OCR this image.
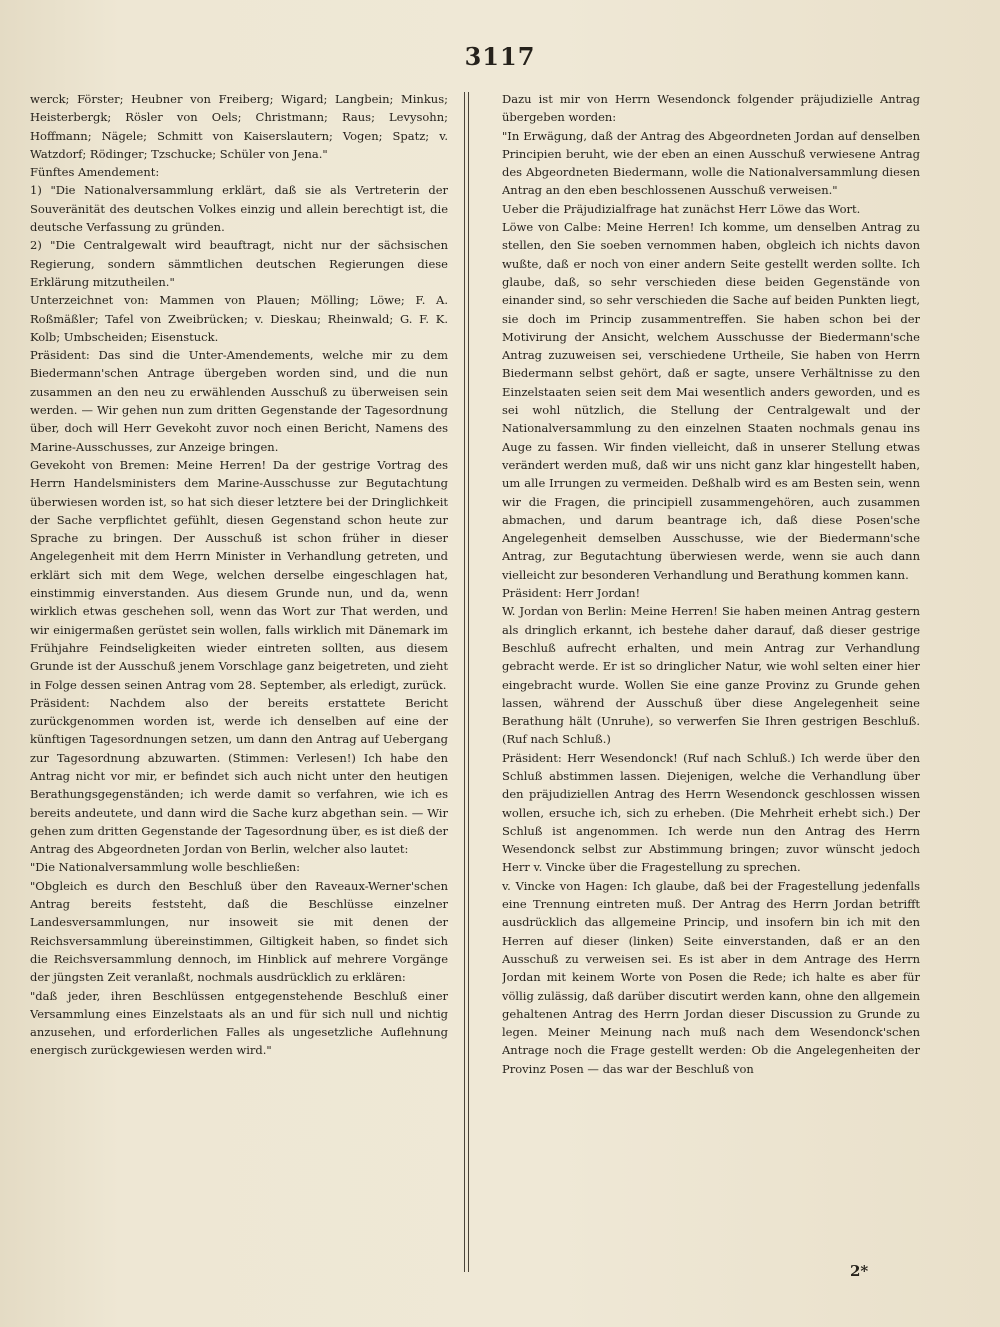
3117
werck; Förster; Heubner von Freiberg; Wigard; Langbein; Minkus; Heisterbergk; Rösler von Oels; Christmann; Raus; Levysohn; Hoffmann; Nägele; Schmitt von Kaiserslautern; Vogen; Spatz; v. Watzdorf; Rödinger; Tzschucke; Schüler von Jena."
Fünftes Amendement:
1) "Die Nationalversammlung erklärt, daß sie als Vertreterin der Souveränität des deutschen Volkes einzig und allein berechtigt ist, die deutsche Verfassung zu gründen.
2) "Die Centralgewalt wird beauftragt, nicht nur der sächsischen Regierung, sondern sämmtlichen deutschen Regierungen diese Erklärung mitzutheilen."
Unterzeichnet von: Mammen von Plauen; Mölling; Löwe; F. A. Roßmäßler; Tafel von Zweibrücken; v. Dieskau; Rheinwald; G. F. K. Kolb; Umbscheiden; Eisenstuck.
Präsident: Das sind die Unter-Amendements, welche mir zu dem Biedermann'schen Antrage übergeben worden sind, und die nun zusammen an den neu zu erwählenden Ausschuß zu überweisen sein werden. — Wir gehen nun zum dritten Gegenstande der Tagesordnung über, doch will Herr Gevekoht zuvor noch einen Bericht, Namens des Marine-Ausschusses, zur Anzeige bringen.
Gevekoht von Bremen: Meine Herren! Da der gestrige Vortrag des Herrn Handelsministers dem Marine-Ausschusse zur Begutachtung überwiesen worden ist, so hat sich dieser letztere bei der Dringlichkeit der Sache verpflichtet gefühlt, diesen Gegenstand schon heute zur Sprache zu bringen. Der Ausschuß ist schon früher in dieser Angelegenheit mit dem Herrn Minister in Verhandlung getreten, und erklärt sich mit dem Wege, welchen derselbe eingeschlagen hat, einstimmig einverstanden. Aus diesem Grunde nun, und da, wenn wirklich etwas geschehen soll, wenn das Wort zur That werden, und wir einigermaßen gerüstet sein wollen, falls wirklich mit Dänemark im Frühjahre Feindseligkeiten wieder eintreten sollten, aus diesem Grunde ist der Ausschuß jenem Vorschlage ganz beigetreten, und zieht in Folge dessen seinen Antrag vom 28. September, als erledigt, zurück.
Präsident: Nachdem also der bereits erstattete Bericht zurückgenommen worden ist, werde ich denselben auf eine der künftigen Tagesordnungen setzen, um dann den Antrag auf Uebergang zur Tagesordnung abzuwarten. (Stimmen: Verlesen!) Ich habe den Antrag nicht vor mir, er befindet sich auch nicht unter den heutigen Berathungsgegenständen; ich werde damit so verfahren, wie ich es bereits andeutete, und dann wird die Sache kurz abgethan sein. — Wir gehen zum dritten Gegenstande der Tagesordnung über, es ist dieß der Antrag des Abgeordneten Jordan von Berlin, welcher also lautet:
"Die Nationalversammlung wolle beschließen:
"Obgleich es durch den Beschluß über den Raveaux-Werner'schen Antrag bereits feststeht, daß die Beschlüsse einzelner Landesversammlungen, nur insoweit sie mit denen der Reichsversammlung übereinstimmen, Giltigkeit haben, so findet sich die Reichsversammlung dennoch, im Hinblick auf mehrere Vorgänge der jüngsten Zeit veranlaßt, nochmals ausdrücklich zu erklären:
"daß jeder, ihren Beschlüssen entgegenstehende Beschluß einer Versammlung eines Einzelstaats als an und für sich null und nichtig anzusehen, und erforderlichen Falles als ungesetzliche Auflehnung energisch zurückgewiesen werden wird."
Dazu ist mir von Herrn Wesendonck folgender präjudizielle Antrag übergeben worden:
"In Erwägung, daß der Antrag des Abgeordneten Jordan auf denselben Principien beruht, wie der eben an einen Ausschuß verwiesene Antrag des Abgeordneten Biedermann, wolle die Nationalversammlung diesen Antrag an den eben beschlossenen Ausschuß verweisen."
Ueber die Präjudizialfrage hat zunächst Herr Löwe das Wort.
Löwe von Calbe: Meine Herren! Ich komme, um denselben Antrag zu stellen, den Sie soeben vernommen haben, obgleich ich nichts davon wußte, daß er noch von einer andern Seite gestellt werden sollte. Ich glaube, daß, so sehr verschieden diese beiden Gegenstände von einander sind, so sehr verschieden die Sache auf beiden Punkten liegt, sie doch im Princip zusammentreffen. Sie haben schon bei der Motivirung der Ansicht, welchem Ausschusse der Biedermann'sche Antrag zuzuweisen sei, verschiedene Urtheile, Sie haben von Herrn Biedermann selbst gehört, daß er sagte, unsere Verhältnisse zu den Einzelstaaten seien seit dem Mai wesentlich anders geworden, und es sei wohl nützlich, die Stellung der Centralgewalt und der Nationalversammlung zu den einzelnen Staaten nochmals genau ins Auge zu fassen. Wir finden vielleicht, daß in unserer Stellung etwas verändert werden muß, daß wir uns nicht ganz klar hingestellt haben, um alle Irrungen zu vermeiden. Deßhalb wird es am Besten sein, wenn wir die Fragen, die principiell zusammengehören, auch zusammen abmachen, und darum beantrage ich, daß diese Posen'sche Angelegenheit demselben Ausschusse, wie der Biedermann'sche Antrag, zur Begutachtung überwiesen werde, wenn sie auch dann vielleicht zur besonderen Verhandlung und Berathung kommen kann.
Präsident: Herr Jordan!
W. Jordan von Berlin: Meine Herren! Sie haben meinen Antrag gestern als dringlich erkannt, ich bestehe daher darauf, daß dieser gestrige Beschluß aufrecht erhalten, und mein Antrag zur Verhandlung gebracht werde. Er ist so dringlicher Natur, wie wohl selten einer hier eingebracht wurde. Wollen Sie eine ganze Provinz zu Grunde gehen lassen, während der Ausschuß über diese Angelegenheit seine Berathung hält (Unruhe), so verwerfen Sie Ihren gestrigen Beschluß. (Ruf nach Schluß.)
Präsident: Herr Wesendonck! (Ruf nach Schluß.) Ich werde über den Schluß abstimmen lassen. Diejenigen, welche die Verhandlung über den präjudiziellen Antrag des Herrn Wesendonck geschlossen wissen wollen, ersuche ich, sich zu erheben. (Die Mehrheit erhebt sich.) Der Schluß ist angenommen. Ich werde nun den Antrag des Herrn Wesendonck selbst zur Abstimmung bringen; zuvor wünscht jedoch Herr v. Vincke über die Fragestellung zu sprechen.
v. Vincke von Hagen: Ich glaube, daß bei der Fragestellung jedenfalls eine Trennung eintreten muß. Der Antrag des Herrn Jordan betrifft ausdrücklich das allgemeine Princip, und insofern bin ich mit den Herren auf dieser (linken) Seite einverstanden, daß er an den Ausschuß zu verweisen sei. Es ist aber in dem Antrage des Herrn Jordan mit keinem Worte von Posen die Rede; ich halte es aber für völlig zulässig, daß darüber discutirt werden kann, ohne den allgemein gehaltenen Antrag des Herrn Jordan dieser Discussion zu Grunde zu legen. Meiner Meinung nach muß nach dem Wesendonck'schen Antrage noch die Frage gestellt werden: Ob die Angelegenheiten der Provinz Posen — das war der Beschluß von
2*
